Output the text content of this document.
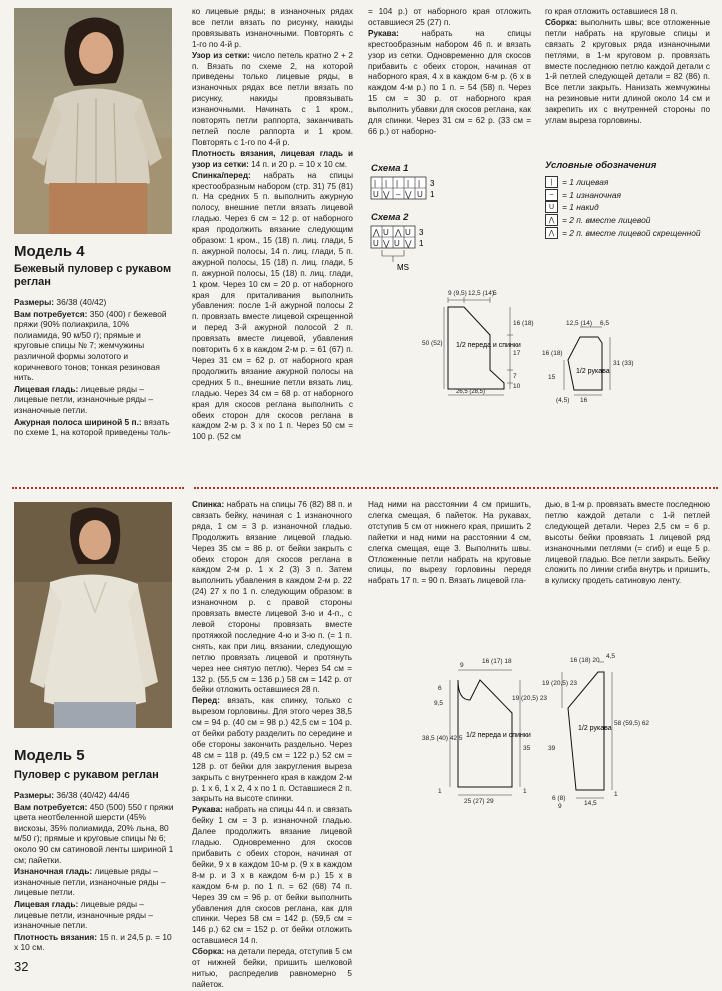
Модель 4

Бежевый пуловер с рукавом

реглан

Размеры: 36/38 (40/42)

Вам потребуется: 350 (400) г бежевой пряжи (90% полиакрила, 10% полиамида, 90 м/50 г); прямые и круговые спицы № 7; жемчужины различной формы золотого и коричневого тонов; тонкая резиновая нить.

Лицевая гладь: лицевые ряды – лицевые петли, изнаночные ряды – изнаночные петли.

Ажурная полоса шириной 5 п.: вязать по схеме 1, на которой приведены толь-

ко лицевые ряды; в изнаночных рядах все петли вязать по рисунку, накиды провязывать изнаночными. Повторять с 1-го по 4-й р.

Узор из сетки: число петель кратно 2 + 2 п. Вязать по схеме 2, на которой приведены только лицевые ряды, в изнаночных рядах все петли вязать по рисунку, накиды провязывать изнаночными. Начинать с 1 кром., повторять петли раппорта, заканчивать петлей после раппорта и 1 кром. Повторять с 1-го по 4-й р.

Плотность вязания, лицевая гладь и узор из сетки: 14 п. и 20 р. = 10 х 10 см.

Спинка/перед: набрать на спицы крестообразным набором (стр. 31) 75 (81) п. На средних 5 п. выполнить ажурную полосу, внешние петли вязать лицевой гладью. Через 6 см = 12 р. от наборного края продолжить вязание следующим образом: 1 кром., 15 (18) п. лиц. глади, 5 п. ажурной полосы, 14 п. лиц. глади, 5 п. ажурной полосы, 15 (18) п. лиц. глади, 5 п. ажурной полосы, 15 (18) п. лиц. глади, 1 кром. Через 10 см = 20 р. от наборного края для приталивания выполнить убавления: после 1-й ажурной полосы 2 п. провязать вместе лицевой скрещенной и перед 3-й ажурной полосой 2 п. провязать вместе лицевой, убавления повторить 6 х в каждом 2-м р. = 61 (67) п. Через 31 см = 62 р. от наборного края продолжить вязание ажурной полосы на средних 5 п., внешние петли вязать лиц. гладью. Через 34 см = 68 р. от наборного края для скосов реглана выполнить с обеих сторон для скосов реглана в каждом 2-м р. 3 х по 1 п. Через 50 см = 100 р. (52 см

= 104 р.) от наборного края отложить оставшиеся 25 (27) п.

Рукава: набрать на спицы крестообразным набором 46 п. и вязать узор из сетки. Одновременно для скосов прибавить с обеих сторон, начиная от наборного края, 4 х в каждом 6-м р. (6 х в каждом 4-м р.) по 1 п. = 54 (58) п. Через 15 см = 30 р. от наборного края выполнить убавки для скосов реглана, как для спинки. Через 31 см = 62 р. (33 см = 66 р.) от наборно-

го края отложить оставшиеся 18 п.

Сборка: выполнить швы; все отложенные петли набрать на круговые спицы и связать 2 круговых ряда изнаночными петлями, в 1-м круговом р. провязать вместе последнюю петлю каждой детали с 1-й петлей следующей детали = 82 (86) п. Все петли закрыть. Нанизать жемчужины на резиновые нити длиной около 14 см и закрепить их с внутренней стороны по углам выреза горловины.

Схема 1
| | | | |
U ⋁ – ⋁ U
3
1
Схема 2
⋀ U ⋀ U
U ⋁ U ⋁
3
1
MS
Условные обозначения
|	= 1 лицевая
–	= 1 изнаночная
U = 1 накид
⋀ = 2 п. вместе лицевой
⋀ = 2 п. вместе лицевой скрещенной
9 (9,5) 12,5 (14)
5
50 (52)
16 (18)
17
7
10
26,5 (28,5)
1/2 переда и спинки
12,5 (14) 6,5
16 (18)
15
31 (33)
16
(4,5)
1/2 рукава
Модель 5

Пуловер с рукавом реглан

Размеры: 36/38 (40/42) 44/46

Вам потребуется: 450 (500) 550 г пряжи цвета неотбеленной шерсти (45% вискозы, 35% полиамида, 20% льна, 80 м/50 г); прямые и круговые спицы № 6; около 90 см сатиновой ленты шириной 1 см; пайетки.

Изнаночная гладь: лицевые ряды – изнаночные петли, изнаночные ряды – лицевые петли.

Лицевая гладь: лицевые ряды – лицевые петли, изнаночные ряды – изнаночные петли.

Плотность вязания: 15 п. и 24,5 р. = 10 х 10 см.

Спинка: набрать на спицы 76 (82) 88 п. и связать бейку, начиная с 1 изнаночного ряда, 1 см = 3 р. изнаночной гладью. Продолжить вязание лицевой гладью. Через 35 см = 86 р. от бейки закрыть с обеих сторон для скосов реглана в каждом 2-м р. 1 х 2 (3) 3 п. Затем выполнить убавления в каждом 2-м р. 22 (24) 27 х по 1 п. следующим образом: в изнаночном р. с правой стороны провязать вместе лицевой 3-ю и 4-п., с левой стороны провязать вместе протяжкой последние 4-ю и 3-ю п. (= 1 п. снять, как при лиц. вязании, следующую петлю провязать лицевой и протянуть через нее снятую петлю). Через 54 см = 132 р. (55,5 см = 136 р.) 58 см = 142 р. от бейки отложить оставшиеся 28 п.

Перед: вязать, как спинку, только с вырезом горловины. Для этого через 38,5 см = 94 р. (40 см = 98 р.) 42,5 см = 104 р. от бейки работу разделить по середине и обе стороны закончить раздельно. Через 48 см = 118 р. (49,5 см = 122 р.) 52 см = 128 р. от бейки для закругления выреза закрыть с внутреннего края в каждом 2-м р. 1 х 6, 1 х 2, 4 х по 1 п. Оставшиеся 2 п. закрыть на высоте спинки.

Рукава: набрать на спицы 44 п. и связать бейку 1 см = 3 р. изнаночной гладью. Далее продолжить вязание лицевой гладью. Одновременно для скосов прибавить с обеих сторон, начиная от бейки, 9 х в каждом 10-м р. (9 х в каждом 8-м р. и 3 х в каждом 6-м р.) 15 х в каждом 6-м р. по 1 п. = 62 (68) 74 п. Через 39 см = 96 р. от бейки выполнить убавления для скосов реглана, как для спинки. Через 58 см = 142 р. (59,5 см = 146 р.) 62 см = 152 р. от бейки отложить оставшиеся 14 п.

Сборка: на детали переда, отступив 5 см от нижней бейки, пришить шелковой нитью, распределив равномерно 5 пайеток.

Над ними на расстоянии 4 см пришить, слегка смещая, 6 пайеток. На рукавах, отступив 5 см от нижнего края, пришить 2 пайетки и над ними на расстоянии 4 см, слегка смещая, еще 3. Выполнить швы. Отложенные петли набрать на круговые спицы, по вырезу горловины передя набрать 17 п. = 90 п. Вязать лицевой гла-

дью, в 1-м р. провязать вместе последнюю петлю каждой детали с 1-й петлей следующей детали. Через 2,5 см = 6 р. высоты бейки провязать 1 лицевой ряд изнаночными петлями (= сгиб) и еще 5 р. лицевой гладью. Все петли закрыть. Бейку сложить по линии сгиба внутрь и пришить, в кулиску продеть сатиновую ленту.

9
16 (17) 18
6
9,5
38,5 (40) 42,5
19 (20,5) 23
35
25 (27) 29
1	1
1/2 переда и спинки
16 (18) 20
4,5
19 (20,5) 23
39
58 (59,5) 62
14,5
6 (8)
9
1
1/2 рукава
32
